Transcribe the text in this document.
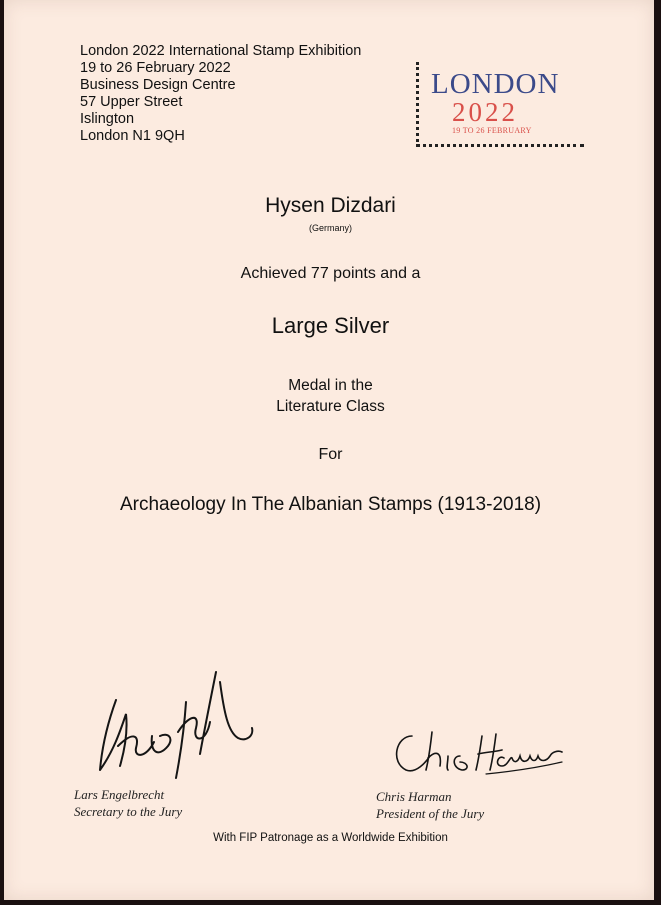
London 2022 International Stamp Exhibition
19 to 26 February 2022
Business Design Centre
57 Upper Street
Islington
London N1 9QH
LONDON
2022
19 TO 26 FEBRUARY
Hysen Dizdari
(Germany)
Achieved 77 points and a
Large Silver
Medal in the
Literature Class
For
Archaeology In The Albanian Stamps (1913-2018)
Lars Engelbrecht
Secretary to the Jury
Chris Harman
President of the Jury
With FIP Patronage as a Worldwide Exhibition
